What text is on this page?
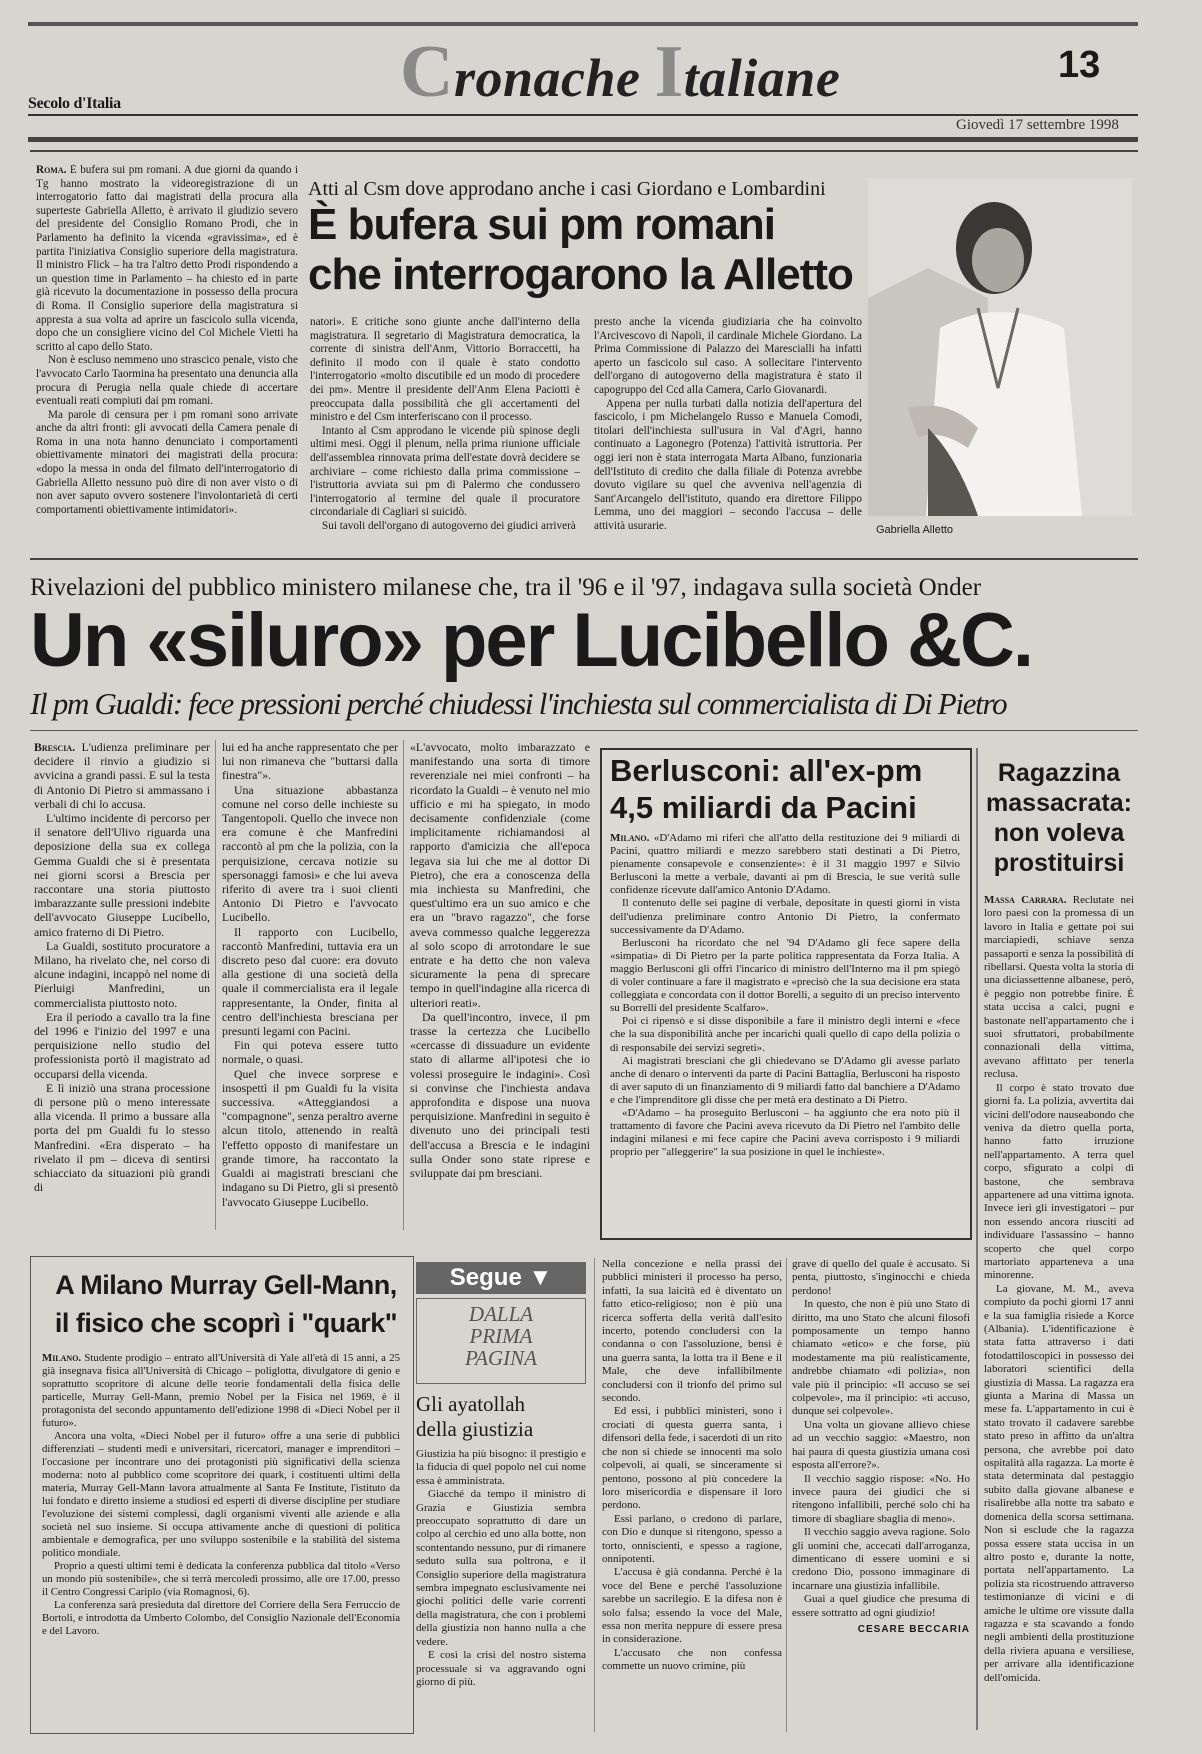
Secolo d'Italia	Cronache Italiane	13
Giovedì 17 settembre 1998

Roma. È bufera sui pm romani. A due giorni da quando i Tg hanno mostrato la videoregistrazione di un interrogatorio fatto dai magistrati della procura alla superteste Gabriella Alletto, è arrivato il giudizio severo del presidente del Consiglio Romano Prodi, che in Parlamento ha definito la vicenda «gravissima», ed è partita l'iniziativa Consiglio superiore della magistratura. Il ministro Flick – ha tra l'altro detto Prodi rispondendo a un question time in Parlamento – ha chiesto ed in parte già ricevuto la documentazione in possesso della procura di Roma. Il Consiglio superiore della magistratura si appresta a sua volta ad aprire un fascicolo sulla vicenda, dopo che un consigliere vicino del Col Michele Vietti ha scritto al capo dello Stato.

Non è escluso nemmeno uno strascico penale, visto che l'avvocato Carlo Taormina ha presentato una denuncia alla procura di Perugia nella quale chiede di accertare eventuali reati compiuti dai pm romani.

Ma parole di censura per i pm romani sono arrivate anche da altri fronti: gli avvocati della Camera penale di Roma in una nota hanno denunciato i comportamenti obiettivamente minatori dei magistrati della procura: «dopo la messa in onda del filmato dell'interrogatorio di Gabriella Alletto nessuno può dire di non aver visto o di non aver saputo ovvero sostenere l'involontarietà di certi comportamenti obiettivamente intimidatori».

Atti al Csm dove approdano anche i casi Giordano e Lombardini
È bufera sui pm romani
che interrogarono la Alletto

natori». E critiche sono giunte anche dall'interno della magistratura. Il segretario di Magistratura democratica, la corrente di sinistra dell'Anm, Vittorio Borraccetti, ha definito il modo con il quale è stato condotto l'interrogatorio «molto discutibile ed un modo di procedere dei pm». Mentre il presidente dell'Anm Elena Paciotti è preoccupata dalla possibilità che gli accertamenti del ministro e del Csm interferiscano con il processo.

Intanto al Csm approdano le vicende più spinose degli ultimi mesi. Oggi il plenum, nella prima riunione ufficiale dell'assemblea rinnovata prima dell'estate dovrà decidere se archiviare – come richiesto dalla prima commissione – l'istruttoria avviata sui pm di Palermo che condussero l'interrogatorio al termine del quale il procuratore circondariale di Cagliari si suicidò.

Sui tavoli dell'organo di autogoverno dei giudici arriverà

presto anche la vicenda giudiziaria che ha coinvolto l'Arcivescovo di Napoli, il cardinale Michele Giordano. La Prima Commissione di Palazzo dei Marescialli ha infatti aperto un fascicolo sul caso. A sollecitare l'intervento dell'organo di autogoverno della magistratura è stato il capogruppo del Ccd alla Camera, Carlo Giovanardi.

Appena per nulla turbati dalla notizia dell'apertura del fascicolo, i pm Michelangelo Russo e Manuela Comodi, titolari dell'inchiesta sull'usura in Val d'Agri, hanno continuato a Lagonegro (Potenza) l'attività istruttoria. Per oggi ieri non è stata interrogata Marta Albano, funzionaria dell'Istituto di credito che dalla filiale di Potenza avrebbe dovuto vigilare su quel che avveniva nell'agenzia di Sant'Arcangelo dell'istituto, quando era direttore Filippo Lemma, uno dei maggiori – secondo l'accusa – delle attività usurarie.	Gabriella Alletto
Rivelazioni del pubblico ministero milanese che, tra il '96 e il '97, indagava sulla società Onder
Un «siluro» per Lucibello &C.
Il pm Gualdi: fece pressioni perché chiudessi l'inchiesta sul commercialista di Di Pietro

Brescia. L'udienza preliminare per decidere il rinvio a giudizio si avvicina a grandi passi. E sul la testa di Antonio Di Pietro si ammassano i verbali di chi lo accusa.

L'ultimo incidente di percorso per il senatore dell'Ulivo riguarda una deposizione della sua ex collega Gemma Gualdi che si è presentata nei giorni scorsi a Brescia per raccontare una storia piuttosto imbarazzante sulle pressioni indebite dell'avvocato Giuseppe Lucibello, amico fraterno di Di Pietro.

La Gualdi, sostituto procuratore a Milano, ha rivelato che, nel corso di alcune indagini, incappò nel nome di Pierluigi Manfredini, un commercialista piuttosto noto.

Era il periodo a cavallo tra la fine del 1996 e l'inizio del 1997 e una perquisizione nello studio del professionista portò il magistrato ad occuparsi della vicenda.

E lì iniziò una strana processione di persone più o meno interessate alla vicenda. Il primo a bussare alla porta del pm Gualdi fu lo stesso Manfredini. «Era disperato – ha rivelato il pm – diceva di sentirsi schiacciato da situazioni più grandi di

lui ed ha anche rappresentato che per lui non rimaneva che "buttarsi dalla finestra"».

Una situazione abbastanza comune nel corso delle inchieste su Tangentopoli. Quello che invece non era comune è che Manfredini raccontò al pm che la polizia, con la perquisizione, cercava notizie su spersonaggi famosi» e che lui aveva riferito di avere tra i suoi clienti Antonio Di Pietro e l'avvocato Lucibello.

Il rapporto con Lucibello, raccontò Manfredini, tuttavia era un discreto peso dal cuore: era dovuto alla gestione di una società della quale il commercialista era il legale rappresentante, la Onder, finita al centro dell'inchiesta bresciana per presunti legami con Pacini.

Fin qui poteva essere tutto normale, o quasi.

Quel che invece sorprese e insospettì il pm Gualdi fu la visita successiva. «Atteggiandosi a "compagnone", senza peraltro averne alcun titolo, attenendo in realtà l'effetto opposto di manifestare un grande timore, ha raccontato la Gualdi ai magistrati bresciani che indagano su Di Pietro, gli si presentò l'avvocato Giuseppe Lucibello.

«L'avvocato, molto imbarazzato e manifestando una sorta di timore reverenziale nei miei confronti – ha ricordato la Gualdi – è venuto nel mio ufficio e mi ha spiegato, in modo decisamente confidenziale (come implicitamente richiamandosi al rapporto d'amicizia che all'epoca legava sia lui che me al dottor Di Pietro), che era a conoscenza della mia inchiesta su Manfredini, che quest'ultimo era un suo amico e che era un "bravo ragazzo", che forse aveva commesso qualche leggerezza al solo scopo di arrotondare le sue entrate e ha detto che non valeva sicuramente la pena di sprecare tempo in quell'indagine alla ricerca di ulteriori reati».

Da quell'incontro, invece, il pm trasse la certezza che Lucibello «cercasse di dissuadure un evidente stato di allarme all'ipotesi che io volessi proseguire le indagini». Così si convinse che l'inchiesta andava approfondita e dispose una nuova perquisizione. Manfredini in seguito è divenuto uno dei principali testi dell'accusa a Brescia e le indagini sulla Onder sono state riprese e sviluppate dai pm bresciani.

Berlusconi: all'ex-pm 4,5 miliardi da Pacini

Milano. «D'Adamo mi riferì che all'atto della restituzione dei 9 miliardi di Pacini, quattro miliardi e mezzo sarebbero stati destinati a Di Pietro, pienamente consapevole e consenziente»: è il 31 maggio 1997 e Silvio Berlusconi la mette a verbale, davanti ai pm di Brescia, le sue verità sulle confidenze ricevute dall'amico Antonio D'Adamo.

Il contenuto delle sei pagine di verbale, depositate in questi giorni in vista dell'udienza preliminare contro Antonio Di Pietro, la confermato successivamente da D'Adamo.

Berlusconi ha ricordato che nel '94 D'Adamo gli fece sapere della «simpatia» di Di Pietro per la parte politica rappresentata da Forza Italia. A maggio Berlusconi gli offrì l'incarico di ministro dell'Interno ma il pm spiegò di voler continuare a fare il magistrato e «precisò che la sua decisione era stata colleggiata e concordata con il dottor Borelli, a seguito di un preciso intervento su Borrelli del presidente Scalfaro».

Poi ci ripensò e si disse disponibile a fare il ministro degli interni e «fece che la sua disponibilità anche per incarichi quali quello di capo della polizia o di responsabile dei servizi segreti».

Ai magistrati bresciani che gli chiedevano se D'Adamo gli avesse parlato anche di denaro o interventi da parte di Pacini Battaglia, Berlusconi ha risposto di aver saputo di un finanziamento di 9 miliardi fatto dal banchiere a D'Adamo e che l'imprenditore gli disse che per metà era destinato a Di Pietro.

«D'Adamo – ha proseguito Berlusconi – ha aggiunto che era noto più il trattamento di favore che Pacini aveva ricevuto da Di Pietro nel l'ambito delle indagini milanesi e mi fece capire che Pacini aveva corrisposto i 9 miliardi proprio per "alleggerire" la sua posizione in quel le inchieste».

Ragazzina massacrata: non voleva prostituirsi

Massa Carrara. Reclutate nei loro paesi con la promessa di un lavoro in Italia e gettate poi sui marciapiedi, schiave senza passaporti e senza la possibilità di ribellarsi. Questa volta la storia di una diciassettenne albanese, però, è peggio non potrebbe finire. È stata uccisa a calci, pugni e bastonate nell'appartamento che i suoi sfruttatori, probabilmente connazionali della vittima, avevano affittato per tenerla reclusa.

Il corpo è stato trovato due giorni fa. La polizia, avvertita dai vicini dell'odore nauseabondo che veniva da dietro quella porta, hanno fatto irruzione nell'appartamento. A terra quel corpo, sfigurato a colpi di bastone, che sembrava appartenere ad una vittima ignota. Invece ieri gli investigatori – pur non essendo ancora riusciti ad individuare l'assassino – hanno scoperto che quel corpo martoriato apparteneva a una minorenne.

La giovane, M. M., aveva compiuto da pochi giorni 17 anni e la sua famiglia risiede a Korce (Albania). L'identificazione è stata fatta attraverso i dati fotodattiloscopici in possesso dei laboratori scientifici della giustizia di Massa. La ragazza era giunta a Marina di Massa un mese fa. L'appartamento in cui è stato trovato il cadavere sarebbe stato preso in affitto da un'altra persona, che avrebbe poi dato ospitalità alla ragazza. La morte è stata determinata dal pestaggio subito dalla giovane albanese e risalirebbe alla notte tra sabato e domenica della scorsa settimana. Non si esclude che la ragazza possa essere stata uccisa in un altro posto e, durante la notte, portata nell'appartamento. La polizia sta ricostruendo attraverso testimonianze di vicini e di amiche le ultime ore vissute dalla ragazza e sta scavando a fondo negli ambienti della prostituzione della riviera apuana e versiliese, per arrivare alla identificazione dell'omicida.

A Milano Murray Gell-Mann,
il fisico che scoprì i "quark"

Milano. Studente prodigio – entrato all'Università di Yale all'età di 15 anni, a 25 già insegnava fisica all'Università di Chicago – poliglotta, divulgatore di genio e soprattutto scopritore di alcune delle teorie fondamentali della fisica delle particelle, Murray Gell-Mann, premio Nobel per la Fisica nel 1969, è il protagonista del secondo appuntamento dell'edizione 1998 di «Dieci Nobel per il futuro».

Ancora una volta, «Dieci Nobel per il futuro» offre a una serie di pubblici differenziati – studenti medi e universitari, ricercatori, manager e imprenditori – l'occasione per incontrare uno dei protagonisti più significativi della scienza moderna: noto al pubblico come scopritore dei quark, i costituenti ultimi della materia, Murray Gell-Mann lavora attualmente al Santa Fe Institute, l'istituto da lui fondato e diretto insieme a studiosi ed esperti di diverse discipline per studiare l'evoluzione dei sistemi complessi, dagli organismi viventi alle aziende e alla società nel suo insieme. Si occupa attivamente anche di questioni di politica ambientale e demografica, per uno sviluppo sostenibile e la stabilità del sistema politico mondiale.

Proprio a questi ultimi temi è dedicata la conferenza pubblica dal titolo «Verso un mondo più sostenibile», che si terrà mercoledì prossimo, alle ore 17.00, presso il Centro Congressi Cariplo (via Romagnosi, 6).

La conferenza sarà presieduta dal direttore del Corriere della Sera Ferruccio de Bortoli, e introdotta da Umberto Colombo, del Consiglio Nazionale dell'Economia e del Lavoro.

Segue ▼
DALLA
PRIMA
PAGINA
Gli ayatollah
della giustizia

Giustizia ha più bisogno: il prestigio e la fiducia di quel popolo nel cui nome essa è amministrata.

Giacché da tempo il ministro di Grazia e Giustizia sembra preoccupato soprattutto di dare un colpo al cerchio ed uno alla botte, non scontentando nessuno, pur di rimanere seduto sulla sua poltrona, e il Consiglio superiore della magistratura sembra impegnato esclusivamente nei giochi politici delle varie correnti della magistratura, che con i problemi della giustizia non hanno nulla a che vedere.

E così la crisi del nostro sistema processuale si va aggravando ogni giorno di più.

Nella concezione e nella prassi dei pubblici ministeri il processo ha perso, infatti, la sua laicità ed è diventato un fatto etico-religioso; non è più una ricerca sofferta della verità dall'esito incerto, potendo concludersi con la condanna o con l'assoluzione, bensì è una guerra santa, la lotta tra il Bene e il Male, che deve infallibilmente concludersi con il trionfo del primo sul secondo.

Ed essi, i pubblici ministeri, sono i crociati di questa guerra santa, i difensori della fede, i sacerdoti di un rito che non si chiede se innocenti ma solo colpevoli, ai quali, se sinceramente si pentono, possono al più concedere la loro misericordia e dispensare il loro perdono.

Essi parlano, o credono di parlare, con Dio e dunque si ritengono, spesso a torto, onniscienti, e spesso a ragione, onnipotenti.

L'accusa è già condanna. Perché è la voce del Bene e perché l'assoluzione sarebbe un sacrilegio. E la difesa non è solo falsa; essendo la voce del Male, essa non merita neppure di essere presa in considerazione.

L'accusato che non confessa commette un nuovo crimine, più

grave di quello del quale è accusato. Si penta, piuttosto, s'inginocchi e chieda perdono!

In questo, che non è più uno Stato di diritto, ma uno Stato che alcuni filosofi pomposamente un tempo hanno chiamato «etico» e che forse, più modestamente ma più realisticamente, andrebbe chiamato «di polizia», non vale più il principio: «Il accuso se sei colpevole», ma il principio: «ti accuso, dunque sei colpevole».

Una volta un giovane allievo chiese ad un vecchio saggio: «Maestro, non hai paura di questa giustizia umana così esposta all'errore?».

Il vecchio saggio rispose: «No. Ho invece paura dei giudici che si ritengono infallibili, perché solo chi ha timore di sbagliare sbaglia di meno».

Il vecchio saggio aveva ragione. Solo gli uomini che, accecati dall'arroganza, dimenticano di essere uomini e si credono Dio, possono immaginare di incarnare una giustizia infallibile.

Guai a quel giudice che presuma di essere sottratto ad ogni giudizio!

CESARE BECCARIA
